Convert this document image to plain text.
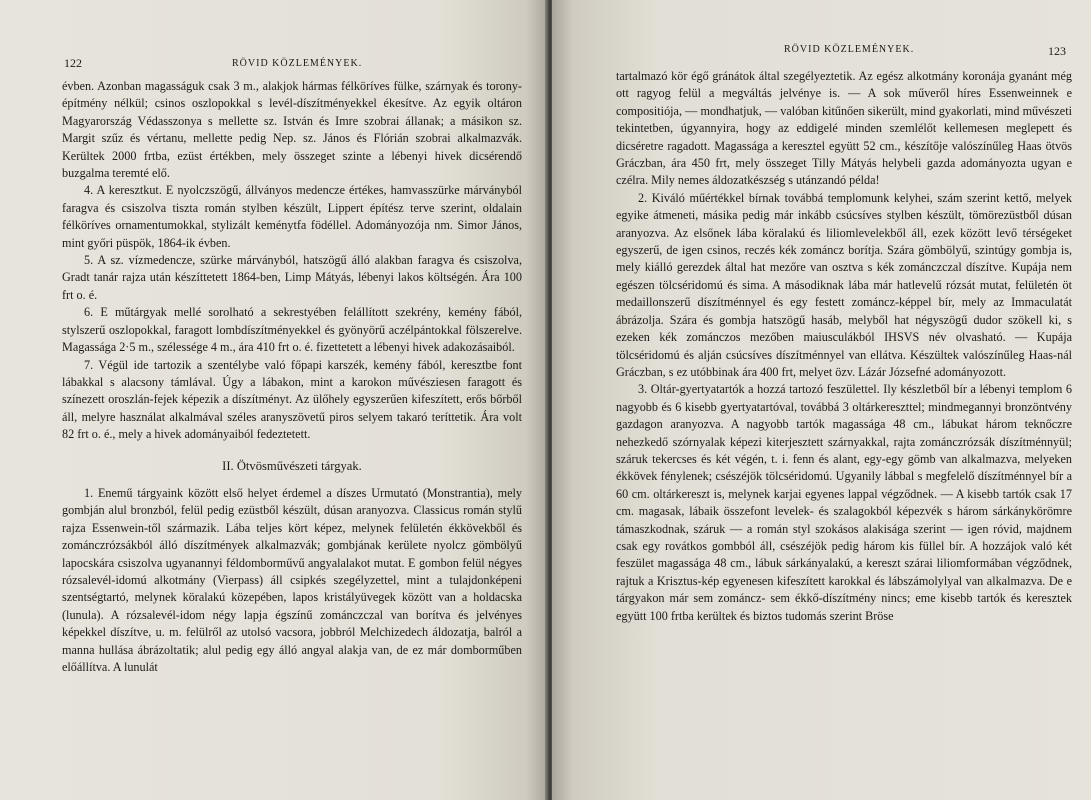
122	RÖVID KÖZLEMÉNYEK.

évben. Azonban magasságuk csak 3 m., alakjok hármas félköríves fülke, szárnyak és torony-építmény nélkül; csinos oszlopokkal s levél-díszítményekkel ékesítve. Az egyik oltáron Magyarország Védasszonya s mellette sz. István és Imre szobrai állanak; a másikon sz. Margit szűz és vértanu, mellette pedig Nep. sz. János és Flórián szobrai alkalmazvák. Kerültek 2000 frtba, ezüst értékben, mely összeget szinte a lébenyi hivek dicsérendő buzgalma teremté elő.

4. A keresztkut. E nyolczszögű, állványos medencze értékes, hamvasszürke márványból faragva és csiszolva tiszta román stylben készült, Lippert építész terve szerint, oldalain félköríves ornamentumokkal, stylizált keménytfa födéllel. Adományozója nm. Simor János, mint győri püspök, 1864-ik évben.

5. A sz. vízmedencze, szürke márványból, hatszögű álló alakban faragva és csiszolva, Gradt tanár rajza után készíttetett 1864-ben, Limp Mátyás, lébenyi lakos költségén. Ára 100 frt o. é.

6. E műtárgyak mellé sorolható a sekrestyében felállított szekrény, kemény fából, stylszerű oszlopokkal, faragott lombdíszítményekkel és gyönyörű aczélpántokkal fölszerelve. Magassága 2·5 m., szélessége 4 m., ára 410 frt o. é. fizettetett a lébenyi hivek adakozásaiból.

7. Végül ide tartozik a szentélybe való főpapi karszék, kemény fából, keresztbe font lábakkal s alacsony támlával. Úgy a lábakon, mint a karokon művésziesen faragott és színezett oroszlán-fejek képezik a díszítményt. Az ülőhely egyszerűen kifeszített, erős bőrből áll, melyre használat alkalmával széles aranyszövetű piros selyem takaró teríttetik. Ára volt 82 frt o. é., mely a hivek adományaiból fedeztetett.

II. Ötvösművészeti tárgyak.

1. Enemű tárgyaink között első helyet érdemel a díszes Urmutató (Monstrantia), mely gombján alul bronzból, felül pedig ezüstből készült, dúsan aranyozva. Classicus román stylű rajza Essenwein-től származik. Lába teljes kört képez, melynek felületén ékkövekből és zománczrózsákból álló díszítmények alkalmazvák; gombjának kerülete nyolcz gömbölyű lapocskára csiszolva ugyanannyi féldomborművű angyalalakot mutat. E gombon felül négyes rózsalevél-idomú alkotmány (Vierpass) áll csipkés szegélyzettel, mint a tulajdonképeni szentségtartó, melynek köralakú közepében, lapos kristályüvegek között van a holdacska (lunula). A rózsalevél-idom négy lapja égszínű zománczczal van borítva és jelvényes képekkel díszítve, u. m. felülről az utolsó vacsora, jobbról Melchizedech áldozatja, balról a manna hullása ábrázoltatik; alul pedig egy álló angyal alakja van, de ez már domborműben előállítva. A lunulát

RÖVID KÖZLEMÉNYEK.	123

tartalmazó kör égő gránátok által szegélyeztetik. Az egész alkotmány koronája gyanánt még ott ragyog felül a megváltás jelvénye is. — A sok műveről híres Essenweinnek e compositiója, — mondhatjuk, — valóban kitűnően sikerült, mind gyakorlati, mind művészeti tekintetben, úgyannyira, hogy az eddigelé minden szemlélőt kellemesen meglepett és dicséretre ragadott. Magassága a keresztel együtt 52 cm., készítője valószínűleg Haas ötvös Gráczban, ára 450 frt, mely összeget Tilly Mátyás helybeli gazda adományozta ugyan e czélra. Mily nemes áldozatkészség s utánzandó példa!

2. Kiváló műértékkel bírnak továbbá templomunk kelyhei, szám szerint kettő, melyek egyike átmeneti, másika pedig már inkább csúcsíves stylben készült, tömörezüstből dúsan aranyozva. Az elsőnek lába köralakú és liliomlevelekből áll, ezek között levő térségeket egyszerű, de igen csinos, reczés kék zománcz borítja. Szára gömbölyű, szintúgy gombja is, mely kiálló gerezdek által hat mezőre van osztva s kék zománczczal díszítve. Kupája nem egészen tölcséridomú és sima. A másodiknak lába már hatlevelű rózsát mutat, felületén öt medaillonszerű díszítménnyel és egy festett zománcz-képpel bír, mely az Immaculatát ábrázolja. Szára és gombja hatszögű hasáb, melyből hat négyszögű dudor szökell ki, s ezeken kék zománczos mezőben maiusculákból IHSVS név olvasható. — Kupája tölcséridomú és alján csúcsíves díszítménnyel van ellátva. Készültek valószínűleg Haas-nál Gráczban, s ez utóbbinak ára 400 frt, melyet özv. Lázár Józsefné adományozott.

3. Oltár-gyertyatartók a hozzá tartozó feszülettel. Ily készletből bír a lébenyi templom 6 nagyobb és 6 kisebb gyertyatartóval, továbbá 3 oltárkereszttel; mindmegannyi bronzöntvény gazdagon aranyozva. A nagyobb tartók magassága 48 cm., lábukat három teknőczre nehezkedő szórnyalak képezi kiterjesztett szárnyakkal, rajta zománczrózsák díszítménnyül; száruk tekercses és két végén, t. i. fenn és alant, egy-egy gömb van alkalmazva, melyeken ékkövek fénylenek; csészéjök tölcséridomú. Ugyanily lábbal s megfelelő díszítménnyel bír a 60 cm. oltárkereszt is, melynek karjai egyenes lappal végződnek. — A kisebb tartók csak 17 cm. magasak, lábaik összefont levelek- és szalagokból képezvék s három sárkánykörömre támaszkodnak, száruk — a román styl szokásos alakisága szerint — igen róvid, majdnem csak egy rovátkos gombból áll, csészéjök pedig három kis füllel bír. A hozzájok való két feszület magassága 48 cm., lábuk sárkányalakú, a kereszt szárai liliomformában végződnek, rajtuk a Krisztus-kép egyenesen kifeszített karokkal és lábszámolylyal van alkalmazva. De e tárgyakon már sem zománcz- sem ékkő-díszítmény nincs; eme kisebb tartók és keresztek együtt 100 frtba kerültek és biztos tudomás szerint Bröse
